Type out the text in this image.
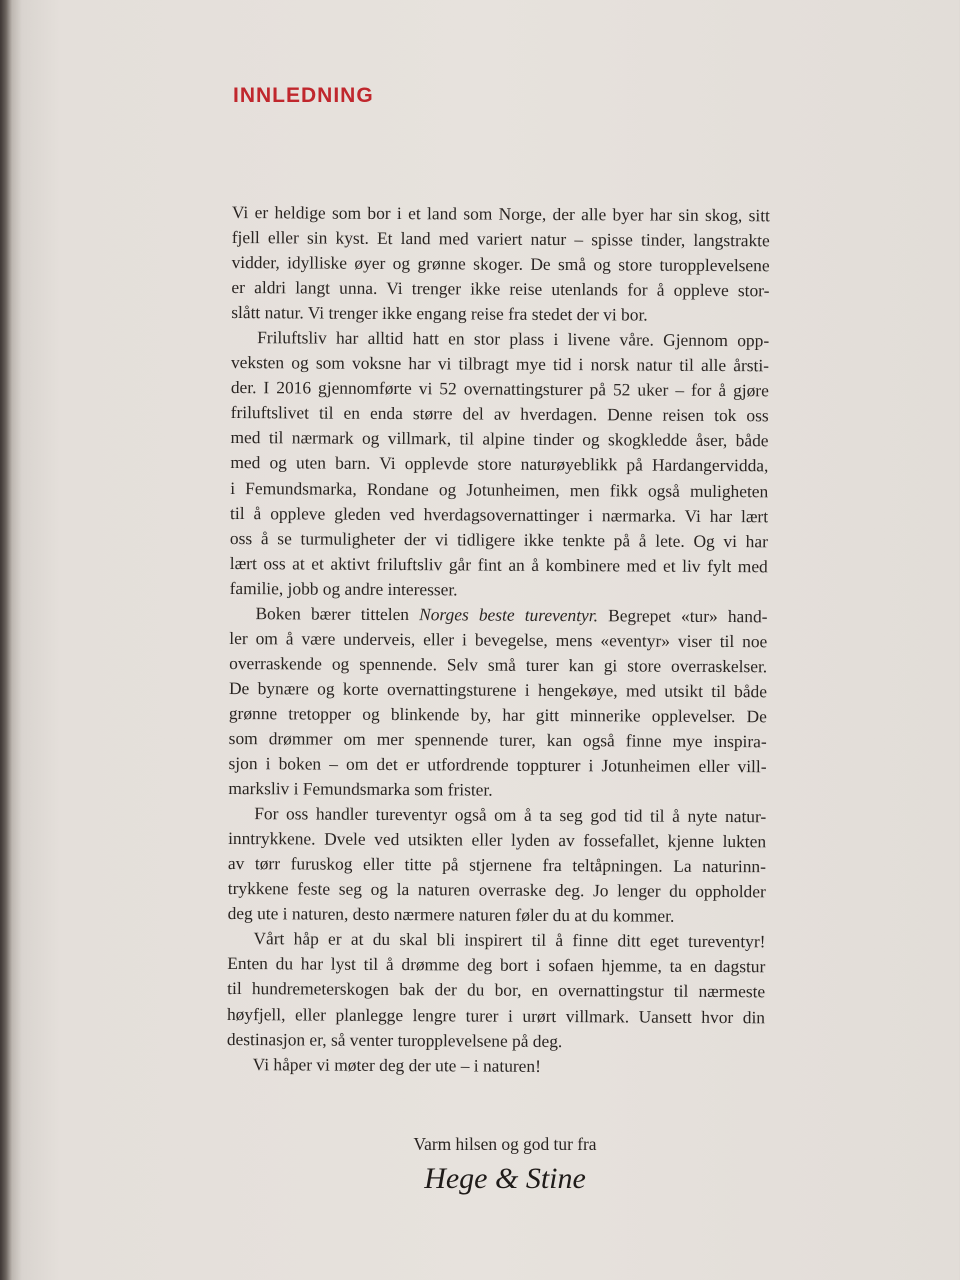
INNLEDNING
Vi er heldige som bor i et land som Norge, der alle byer har sin skog, sitt
fjell eller sin kyst. Et land med variert natur – spisse tinder, langstrakte
vidder, idylliske øyer og grønne skoger. De små og store turopplevelsene
er aldri langt unna. Vi trenger ikke reise utenlands for å oppleve stor-
slått natur. Vi trenger ikke engang reise fra stedet der vi bor.
Friluftsliv har alltid hatt en stor plass i livene våre. Gjennom opp-
veksten og som voksne har vi tilbragt mye tid i norsk natur til alle årsti-
der. I 2016 gjennomførte vi 52 overnattingsturer på 52 uker – for å gjøre
friluftslivet til en enda større del av hverdagen. Denne reisen tok oss
med til nærmark og villmark, til alpine tinder og skogkledde åser, både
med og uten barn. Vi opplevde store naturøyeblikk på Hardangervidda,
i Femundsmarka, Rondane og Jotunheimen, men fikk også muligheten
til å oppleve gleden ved hverdagsovernattinger i nærmarka. Vi har lært
oss å se turmuligheter der vi tidligere ikke tenkte på å lete. Og vi har
lært oss at et aktivt friluftsliv går fint an å kombinere med et liv fylt med
familie, jobb og andre interesser.
Boken bærer tittelen Norges beste tureventyr. Begrepet «tur» hand-
ler om å være underveis, eller i bevegelse, mens «eventyr» viser til noe
overraskende og spennende. Selv små turer kan gi store overraskelser.
De bynære og korte overnattingsturene i hengekøye, med utsikt til både
grønne tretopper og blinkende by, har gitt minnerike opplevelser. De
som drømmer om mer spennende turer, kan også finne mye inspira-
sjon i boken – om det er utfordrende toppturer i Jotunheimen eller vill-
marksliv i Femundsmarka som frister.
For oss handler tureventyr også om å ta seg god tid til å nyte natur-
inntrykkene. Dvele ved utsikten eller lyden av fossefallet, kjenne lukten
av tørr furuskog eller titte på stjernene fra teltåpningen. La naturinn-
trykkene feste seg og la naturen overraske deg. Jo lenger du oppholder
deg ute i naturen, desto nærmere naturen føler du at du kommer.
Vårt håp er at du skal bli inspirert til å finne ditt eget tureventyr!
Enten du har lyst til å drømme deg bort i sofaen hjemme, ta en dagstur
til hundremeterskogen bak der du bor, en overnattingstur til nærmeste
høyfjell, eller planlegge lengre turer i urørt villmark. Uansett hvor din
destinasjon er, så venter turopplevelsene på deg.
Vi håper vi møter deg der ute – i naturen!
Varm hilsen og god tur fra
Hege & Stine
